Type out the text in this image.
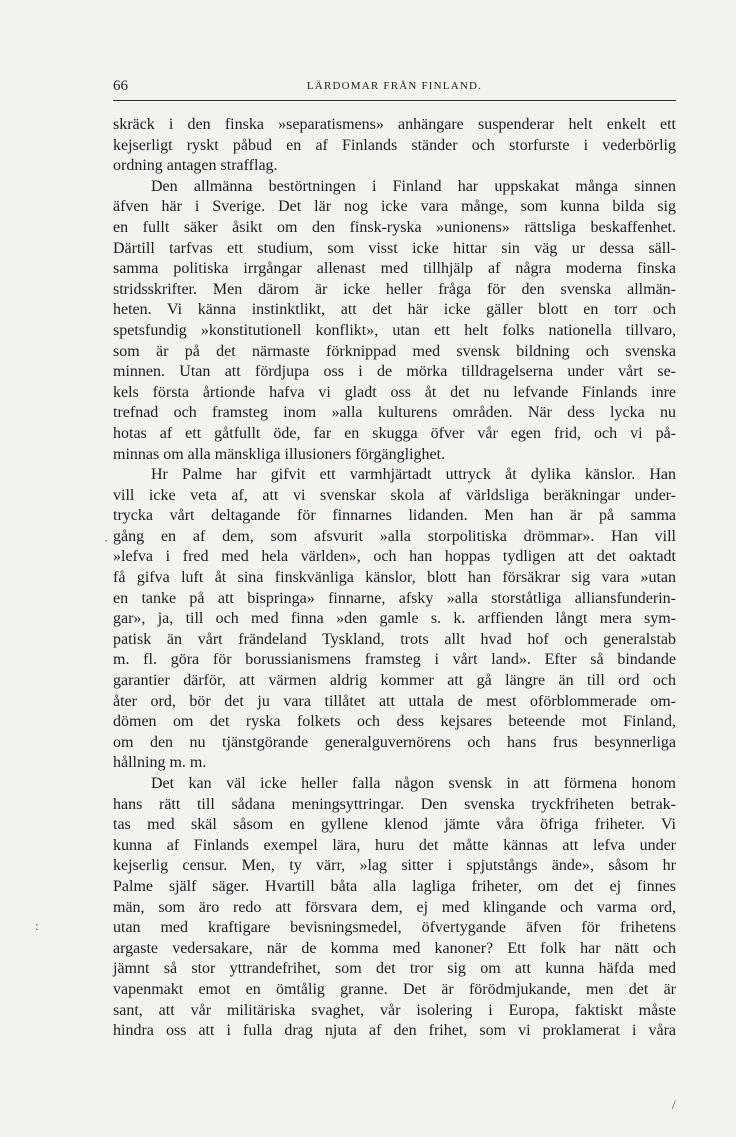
66	LÄRDOMAR FRÅN FINLAND.
skräck i den finska »separatismens» anhängare suspenderar helt enkelt ett
kejserligt ryskt påbud en af Finlands ständer och storfurste i vederbörlig
ordning antagen strafflag.
Den allmänna bestörtningen i Finland har uppskakat många sinnen
äfven här i Sverige. Det lär nog icke vara månge, som kunna bilda sig
en fullt säker åsikt om den finsk-ryska »unionens» rättsliga beskaffenhet.
Därtill tarfvas ett studium, som visst icke hittar sin väg ur dessa säll-
samma politiska irrgångar allenast med tillhjälp af några moderna finska
stridsskrifter. Men därom är icke heller fråga för den svenska allmän-
heten. Vi känna instinktlikt, att det här icke gäller blott en torr och
spetsfundig »konstitutionell konflikt», utan ett helt folks nationella tillvaro,
som är på det närmaste förknippad med svensk bildning och svenska
minnen. Utan att fördjupa oss i de mörka tilldragelserna under vårt se-
kels första årtionde hafva vi gladt oss åt det nu lefvande Finlands inre
trefnad och framsteg inom »alla kulturens områden. När dess lycka nu
hotas af ett gåtfullt öde, far en skugga öfver vår egen frid, och vi på-
minnas om alla mänskliga illusioners förgänglighet.
Hr Palme har gifvit ett varmhjärtadt uttryck åt dylika känslor. Han
vill icke veta af, att vi svenskar skola af världsliga beräkningar under-
trycka vårt deltagande för finnarnes lidanden. Men han är på samma
gång en af dem, som afsvurit »alla storpolitiska drömmar». Han vill
»lefva i fred med hela världen», och han hoppas tydligen att det oaktadt
få gifva luft åt sina finskvänliga känslor, blott han försäkrar sig vara »utan
en tanke på att bispringa» finnarne, afsky »alla storståtliga alliansfunderin-
gar», ja, till och med finna »den gamle s. k. arffienden långt mera sym-
patisk än vårt frändeland Tyskland, trots allt hvad hof och generalstab
m. fl. göra för borussianismens framsteg i vårt land». Efter så bindande
garantier därför, att värmen aldrig kommer att gå längre än till ord och
åter ord, bör det ju vara tillåtet att uttala de mest oförblommerade om-
dömen om det ryska folkets och dess kejsares beteende mot Finland,
om den nu tjänstgörande generalguvernörens och hans frus besynnerliga
hållning m. m.
Det kan väl icke heller falla någon svensk in att förmena honom
hans rätt till sådana meningsyttringar. Den svenska tryckfriheten betrak-
tas med skäl såsom en gyllene klenod jämte våra öfriga friheter. Vi
kunna af Finlands exempel lära, huru det måtte kännas att lefva under
kejserlig censur. Men, ty värr, »lag sitter i spjutstångs ände», såsom hr
Palme själf säger. Hvartill båta alla lagliga friheter, om det ej finnes
män, som äro redo att försvara dem, ej med klingande och varma ord,
utan med kraftigare bevisningsmedel, öfvertygande äfven för frihetens
argaste vedersakare, när de komma med kanoner? Ett folk har nätt och
jämnt så stor yttrandefrihet, som det tror sig om att kunna häfda med
vapenmakt emot en ömtålig granne. Det är förödmjukande, men det är
sant, att vår militäriska svaghet, vår isolering i Europa, faktiskt måste
hindra oss att i fulla drag njuta af den frihet, som vi proklamerat i våra
·
:
/
